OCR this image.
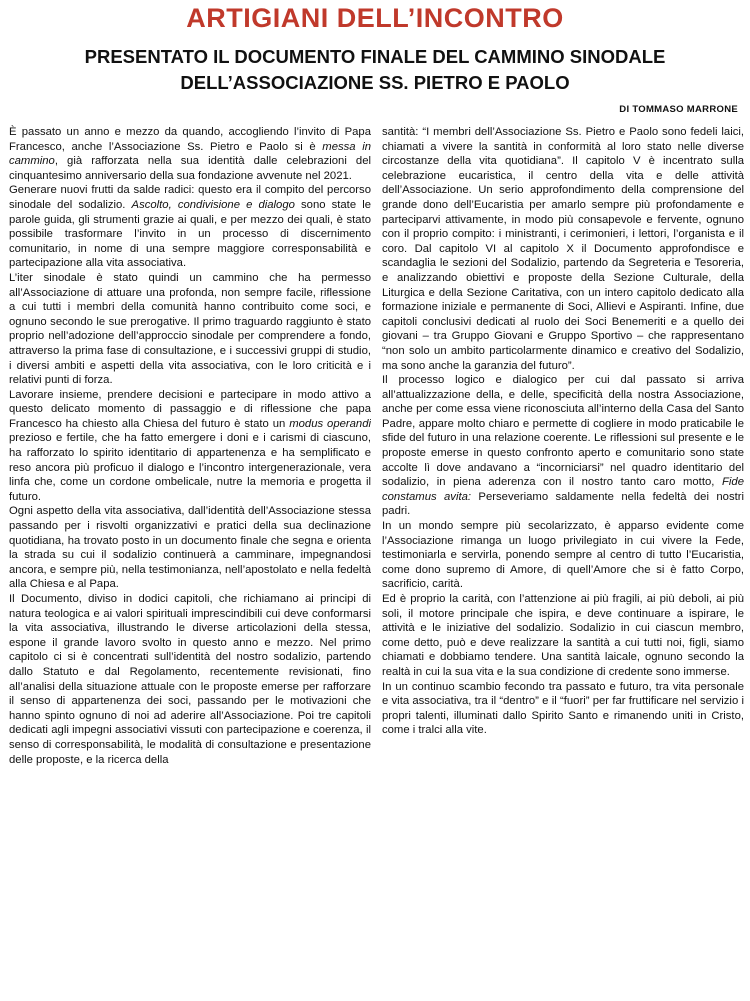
ARTIGIANI DELL’INCONTRO
PRESENTATO IL DOCUMENTO FINALE DEL CAMMINO SINODALE
DELL’ASSOCIAZIONE SS. PIETRO E PAOLO
DI TOMMASO MARRONE

È passato un anno e mezzo da quando, accogliendo l’invito di Papa Francesco, anche l’Associazione Ss. Pietro e Paolo si è messa in cammino, già rafforzata nella sua identità dalle celebrazioni del cinquantesimo anniversario della sua fondazione avvenute nel 2021.

Generare nuovi frutti da salde radici: questo era il compito del percorso sinodale del sodalizio. Ascolto, condivisione e dialogo sono state le parole guida, gli strumenti grazie ai quali, e per mezzo dei quali, è stato possibile trasformare l’invito in un processo di discernimento comunitario, in nome di una sempre maggiore corresponsabilità e partecipazione alla vita associativa.

L’iter sinodale è stato quindi un cammino che ha permesso all’Associazione di attuare una profonda, non sempre facile, riflessione a cui tutti i membri della comunità hanno contribuito come soci, e ognuno secondo le sue prerogative. Il primo traguardo raggiunto è stato proprio nell’adozione dell’approccio sinodale per comprendere a fondo, attraverso la prima fase di consultazione, e i successivi gruppi di studio, i diversi ambiti e aspetti della vita associativa, con le loro criticità e i relativi punti di forza.

Lavorare insieme, prendere decisioni e partecipare in modo attivo a questo delicato momento di passaggio e di riflessione che papa Francesco ha chiesto alla Chiesa del futuro è stato un modus operandi prezioso e fertile, che ha fatto emergere i doni e i carismi di ciascuno, ha rafforzato lo spirito identitario di appartenenza e ha semplificato e reso ancora più proficuo il dialogo e l’incontro intergenerazionale, vera linfa che, come un cordone ombelicale, nutre la memoria e progetta il futuro.

Ogni aspetto della vita associativa, dall’identità dell’Associazione stessa passando per i risvolti organizzativi e pratici della sua declinazione quotidiana, ha trovato posto in un documento finale che segna e orienta la strada su cui il sodalizio continuerà a camminare, impegnandosi ancora, e sempre più, nella testimonianza, nell’apostolato e nella fedeltà alla Chiesa e al Papa.

Il Documento, diviso in dodici capitoli, che richiamano ai principi di natura teologica e ai valori spirituali imprescindibili cui deve conformarsi la vita associativa, illustrando le diverse articolazioni della stessa, espone il grande lavoro svolto in questo anno e mezzo. Nel primo capitolo ci si è concentrati sull’identità del nostro sodalizio, partendo dallo Statuto e dal Regolamento, recentemente revisionati, fino all’analisi della situazione attuale con le proposte emerse per rafforzare il senso di appartenenza dei soci, passando per le motivazioni che hanno spinto ognuno di noi ad aderire all’Associazione. Poi tre capitoli dedicati agli impegni associativi vissuti con partecipazione e coerenza, il senso di corresponsabilità, le modalità di consultazione e presentazione delle proposte, e la ricerca della

santità: “I membri dell’Associazione Ss. Pietro e Paolo sono fedeli laici, chiamati a vivere la santità in conformità al loro stato nelle diverse circostanze della vita quotidiana”. Il capitolo V è incentrato sulla celebrazione eucaristica, il centro della vita e delle attività dell’Associazione. Un serio approfondimento della comprensione del grande dono dell’Eucaristia per amarlo sempre più profondamente e parteciparvi attivamente, in modo più consapevole e fervente, ognuno con il proprio compito: i ministranti, i cerimonieri, i lettori, l’organista e il coro. Dal capitolo VI al capitolo X il Documento approfondisce e scandaglia le sezioni del Sodalizio, partendo da Segreteria e Tesoreria, e analizzando obiettivi e proposte della Sezione Culturale, della Liturgica e della Sezione Caritativa, con un intero capitolo dedicato alla formazione iniziale e permanente di Soci, Allievi e Aspiranti. Infine, due capitoli conclusivi dedicati al ruolo dei Soci Benemeriti e a quello dei giovani – tra Gruppo Giovani e Gruppo Sportivo – che rappresentano “non solo un ambito particolarmente dinamico e creativo del Sodalizio, ma sono anche la garanzia del futuro”.

Il processo logico e dialogico per cui dal passato si arriva all’attualizzazione della, e delle, specificità della nostra Associazione, anche per come essa viene riconosciuta all’interno della Casa del Santo Padre, appare molto chiaro e permette di cogliere in modo praticabile le sfide del futuro in una relazione coerente. Le riflessioni sul presente e le proposte emerse in questo confronto aperto e comunitario sono state accolte lì dove andavano a “incorniciarsi” nel quadro identitario del sodalizio, in piena aderenza con il nostro tanto caro motto, Fide constamus avita: Perseveriamo saldamente nella fedeltà dei nostri padri.

In un mondo sempre più secolarizzato, è apparso evidente come l’Associazione rimanga un luogo privilegiato in cui vivere la Fede, testimoniarla e servirla, ponendo sempre al centro di tutto l’Eucaristia, come dono supremo di Amore, di quell’Amore che si è fatto Corpo, sacrificio, carità.

Ed è proprio la carità, con l’attenzione ai più fragili, ai più deboli, ai più soli, il motore principale che ispira, e deve continuare a ispirare, le attività e le iniziative del sodalizio. Sodalizio in cui ciascun membro, come detto, può e deve realizzare la santità a cui tutti noi, figli, siamo chiamati e dobbiamo tendere. Una santità laicale, ognuno secondo la realtà in cui la sua vita e la sua condizione di credente sono immerse.

In un continuo scambio fecondo tra passato e futuro, tra vita personale e vita associativa, tra il “dentro” e il “fuori” per far fruttificare nel servizio i propri talenti, illuminati dallo Spirito Santo e rimanendo uniti in Cristo, come i tralci alla vite.
